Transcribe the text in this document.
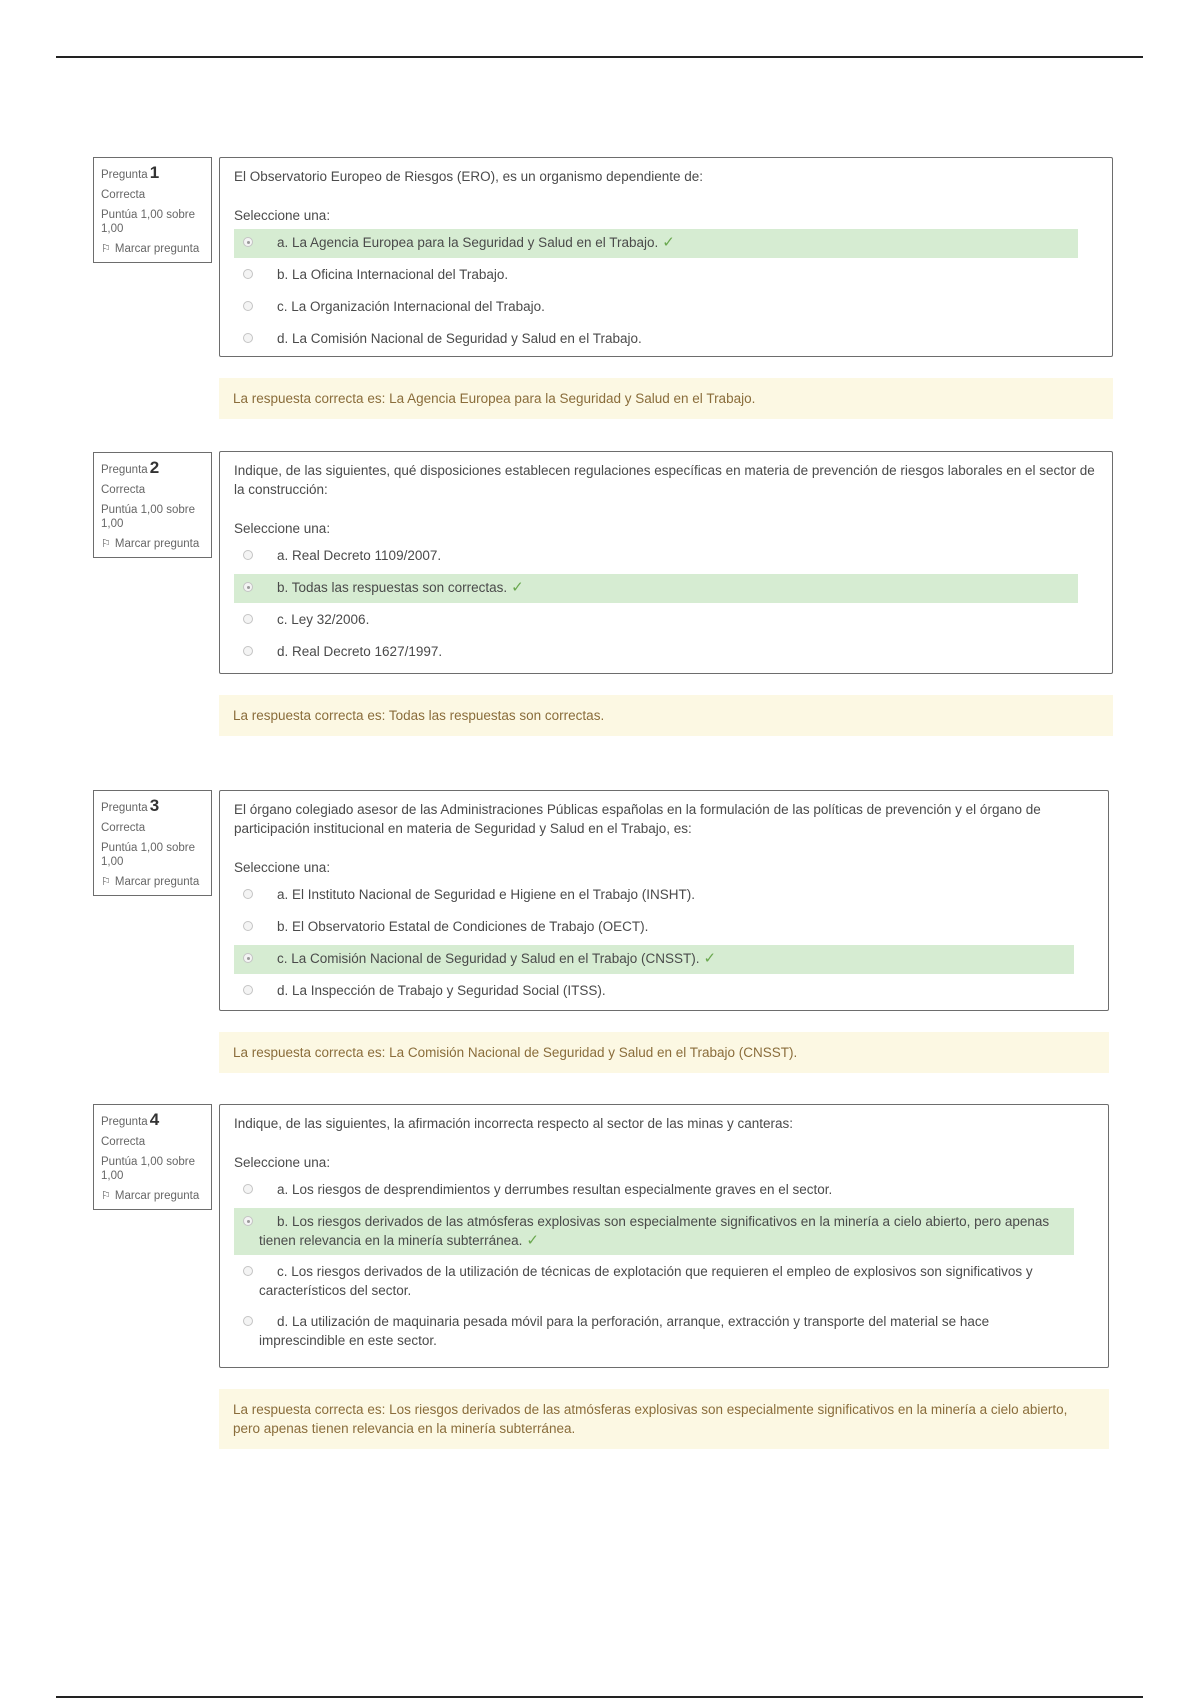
Pregunta 1
Correcta
Puntúa 1,00 sobre 1,00
⚐ Marcar pregunta

El Observatorio Europeo de Riesgos (ERO), es un organismo dependiente de:

Seleccione una:

a. La Agencia Europea para la Seguridad y Salud en el Trabajo. ✓
b. La Oficina Internacional del Trabajo.
c. La Organización Internacional del Trabajo.
d. La Comisión Nacional de Seguridad y Salud en el Trabajo.
La respuesta correcta es: La Agencia Europea para la Seguridad y Salud en el Trabajo.
Pregunta 2
Correcta
Puntúa 1,00 sobre 1,00
⚐ Marcar pregunta

Indique, de las siguientes, qué disposiciones establecen regulaciones específicas en materia de prevención de riesgos laborales en el sector de la construcción:

Seleccione una:

a. Real Decreto 1109/2007.
b. Todas las respuestas son correctas. ✓
c. Ley 32/2006.
d. Real Decreto 1627/1997.
La respuesta correcta es: Todas las respuestas son correctas.
Pregunta 3
Correcta
Puntúa 1,00 sobre 1,00
⚐ Marcar pregunta

El órgano colegiado asesor de las Administraciones Públicas españolas en la formulación de las políticas de prevención y el órgano de participación institucional en materia de Seguridad y Salud en el Trabajo, es:

Seleccione una:

a. El Instituto Nacional de Seguridad e Higiene en el Trabajo (INSHT).
b. El Observatorio Estatal de Condiciones de Trabajo (OECT).
c. La Comisión Nacional de Seguridad y Salud en el Trabajo (CNSST). ✓
d. La Inspección de Trabajo y Seguridad Social (ITSS).
La respuesta correcta es: La Comisión Nacional de Seguridad y Salud en el Trabajo (CNSST).
Pregunta 4
Correcta
Puntúa 1,00 sobre 1,00
⚐ Marcar pregunta

Indique, de las siguientes, la afirmación incorrecta respecto al sector de las minas y canteras:

Seleccione una:

a. Los riesgos de desprendimientos y derrumbes resultan especialmente graves en el sector.
b. Los riesgos derivados de las atmósferas explosivas son especialmente significativos en la minería a cielo abierto, pero apenas tienen relevancia en la minería subterránea. ✓
c. Los riesgos derivados de la utilización de técnicas de explotación que requieren el empleo de explosivos son significativos y característicos del sector.
d. La utilización de maquinaria pesada móvil para la perforación, arranque, extracción y transporte del material se hace imprescindible en este sector.
La respuesta correcta es: Los riesgos derivados de las atmósferas explosivas son especialmente significativos en la minería a cielo abierto, pero apenas tienen relevancia en la minería subterránea.
